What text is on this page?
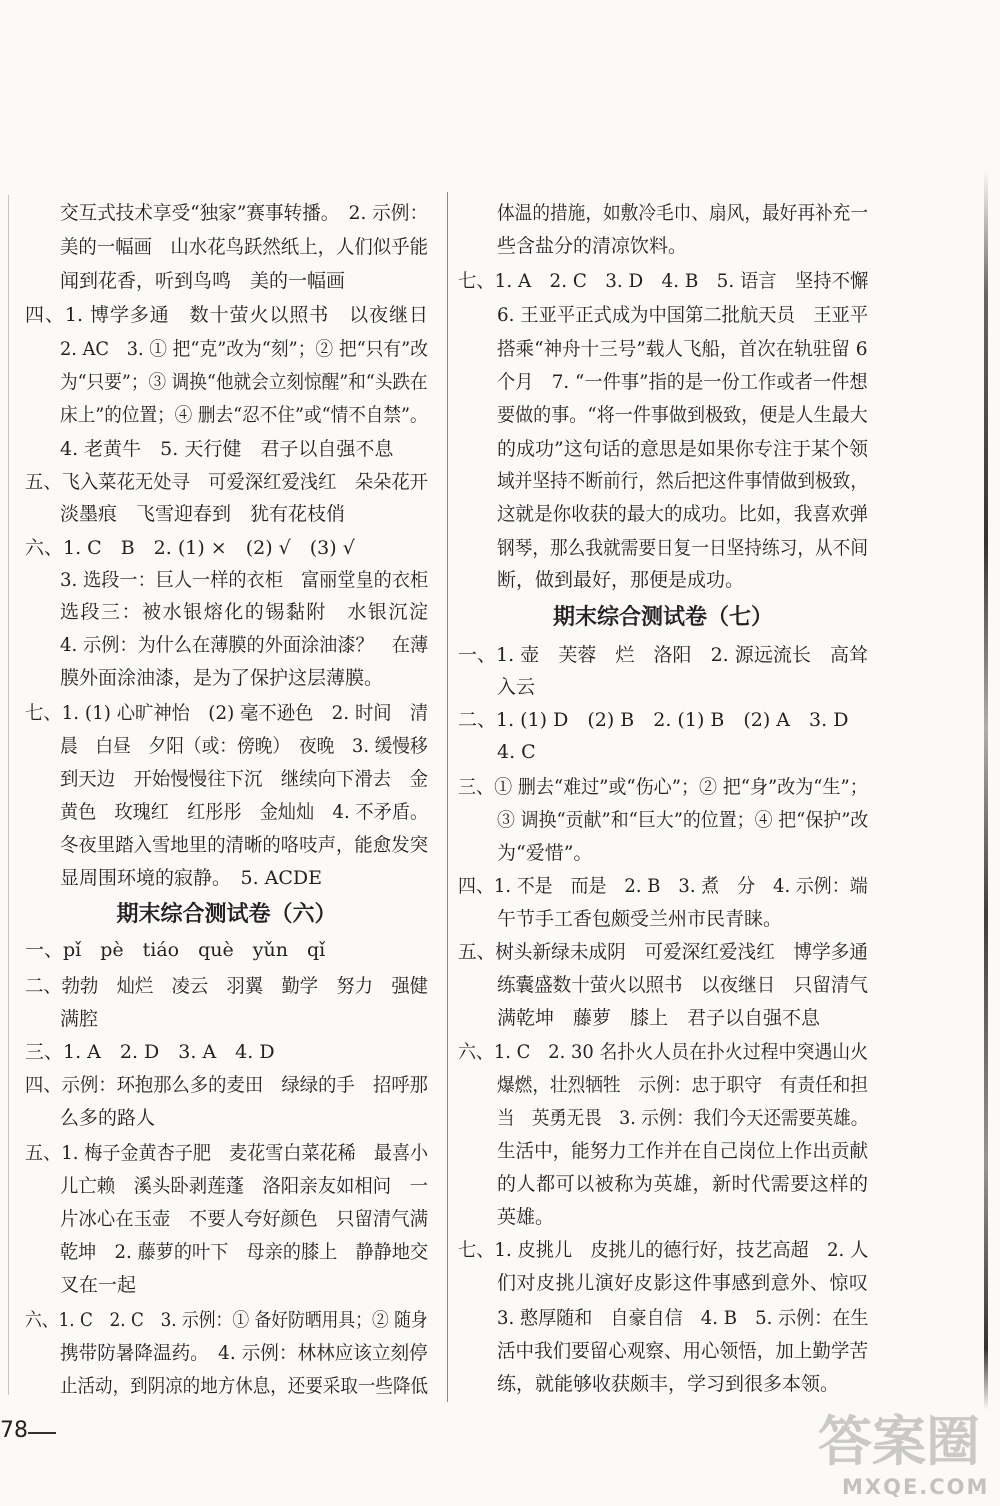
交互式技术享受“独家”赛事转播。　2. 示例：
美的一幅画　山水花鸟跃然纸上，人们似乎能
闻到花香，听到鸟鸣　美的一幅画
四、1. 博学多通　数十萤火以照书　以夜继日
2. AC　3. ① 把“克”改为“刻”；② 把“只有”改
为“只要”；③ 调换“他就会立刻惊醒”和“头跌在
床上”的位置；④ 删去“忍不住”或“情不自禁”。
4. 老黄牛　5. 天行健　君子以自强不息
五、飞入菜花无处寻　可爱深红爱浅红　朵朵花开
淡墨痕　飞雪迎春到　犹有花枝俏
六、1. C　B　2. (1) ×　(2) √　(3) √
3. 选段一：巨人一样的衣柜　富丽堂皇的衣柜
选段三：被水银熔化的锡黏附　水银沉淀
4. 示例：为什么在薄膜的外面涂油漆？　在薄
膜外面涂油漆，是为了保护这层薄膜。
七、1. (1) 心旷神怡　(2) 毫不逊色　2. 时间　清
晨　白昼　夕阳（或：傍晚）　夜晚　3. 缓慢移
到天边　开始慢慢往下沉　继续向下滑去　金
黄色　玫瑰红　红彤彤　金灿灿　4. 不矛盾。
冬夜里踏入雪地里的清晰的咯吱声，能愈发突
显周围环境的寂静。　5. ACDE
期末综合测试卷（六）
一、pǐ　pè　tiáo　què　yǔn　qǐ
二、勃勃　灿烂　凌云　羽翼　勤学　努力　强健
满腔
三、1. A　2. D　3. A　4. D
四、示例：环抱那么多的麦田　绿绿的手　招呼那
么多的路人
五、1. 梅子金黄杏子肥　麦花雪白菜花稀　最喜小
儿亡赖　溪头卧剥莲蓬　洛阳亲友如相问　一
片冰心在玉壶　不要人夸好颜色　只留清气满
乾坤　2. 藤萝的叶下　母亲的膝上　静静地交
叉在一起
六、1. C　2. C　3. 示例：① 备好防晒用具；② 随身
携带防暑降温药。　4. 示例：林林应该立刻停
止活动，到阴凉的地方休息，还要采取一些降低
体温的措施，如敷冷毛巾、扇风，最好再补充一
些含盐分的清凉饮料。
七、1. A　2. C　3. D　4. B　5. 语言　坚持不懈
6. 王亚平正式成为中国第二批航天员　王亚平
搭乘“神舟十三号”载人飞船，首次在轨驻留 6
个月　7. “一件事”指的是一份工作或者一件想
要做的事。“将一件事做到极致，便是人生最大
的成功”这句话的意思是如果你专注于某个领
域并坚持不断前行，然后把这件事情做到极致，
这就是你收获的最大的成功。比如，我喜欢弹
钢琴，那么我就需要日复一日坚持练习，从不间
断，做到最好，那便是成功。
期末综合测试卷（七）
一、1. 壶　芙蓉　烂　洛阳　2. 源远流长　高耸
入云
二、1. (1) D　(2) B　2. (1) B　(2) A　3. D
4. C
三、① 删去“难过”或“伤心”；② 把“身”改为“生”；
③ 调换“贡献”和“巨大”的位置；④ 把“保护”改
为“爱惜”。
四、1. 不是　而是　2. B　3. 煮　分　4. 示例：端
午节手工香包颇受兰州市民青睐。
五、树头新绿未成阴　可爱深红爱浅红　博学多通
练囊盛数十萤火以照书　以夜继日　只留清气
满乾坤　藤萝　膝上　君子以自强不息
六、1. C　2. 30 名扑火人员在扑火过程中突遇山火
爆燃，壮烈牺牲　示例：忠于职守　有责任和担
当　英勇无畏　3. 示例：我们今天还需要英雄。
生活中，能努力工作并在自己岗位上作出贡献
的人都可以被称为英雄，新时代需要这样的
英雄。
七、1. 皮挑儿　皮挑儿的德行好，技艺高超　2. 人
们对皮挑儿演好皮影这件事感到意外、惊叹
3. 憨厚随和　自豪自信　4. B　5. 示例：在生
活中我们要留心观察、用心领悟，加上勤学苦
练，就能够收获颇丰，学习到很多本领。
78	答案圈
MXQE.COM
